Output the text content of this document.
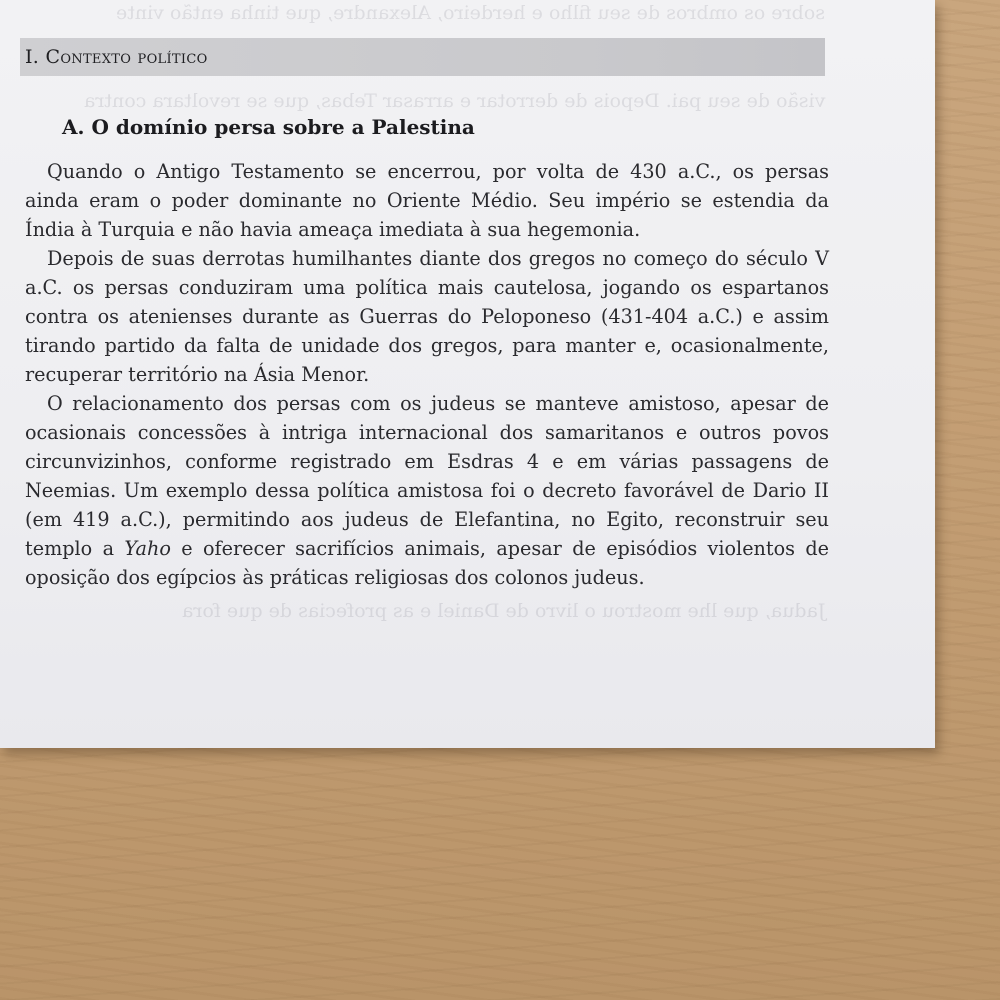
sobre os ombros de seu filho e herdeiro, Alexandre, que tinha então vinte
visão de seu pai. Depois de derrotar e arrasar Tebas, que se revoltara contra
Jadua, que lhe mostrou o livro de Daniel e as profecias de que fora
I. Contexto político
A. O domínio persa sobre a Palestina

Quando o Antigo Testamento se encerrou, por volta de 430 a.C., os persas ainda eram o poder dominante no Oriente Médio. Seu império se estendia da Índia à Turquia e não havia ameaça imediata à sua hegemonia.

Depois de suas derrotas humilhantes diante dos gregos no começo do século V a.C. os persas conduziram uma política mais cautelosa, jogando os espartanos contra os atenienses durante as Guerras do Peloponeso (431-404 a.C.) e assim tirando partido da falta de unidade dos gregos, para manter e, ocasionalmente, recuperar território na Ásia Menor.

O relacionamento dos persas com os judeus se manteve amistoso, apesar de ocasionais concessões à intriga internacional dos samaritanos e outros povos circunvizinhos, conforme registrado em Esdras 4 e em várias passagens de Neemias. Um exemplo dessa política amistosa foi o decreto favorável de Dario II (em 419 a.C.), permitindo aos judeus de Elefantina, no Egito, reconstruir seu templo a Yaho e oferecer sacrifícios animais, apesar de episódios violentos de oposição dos egípcios às práticas religiosas dos colonos judeus.
